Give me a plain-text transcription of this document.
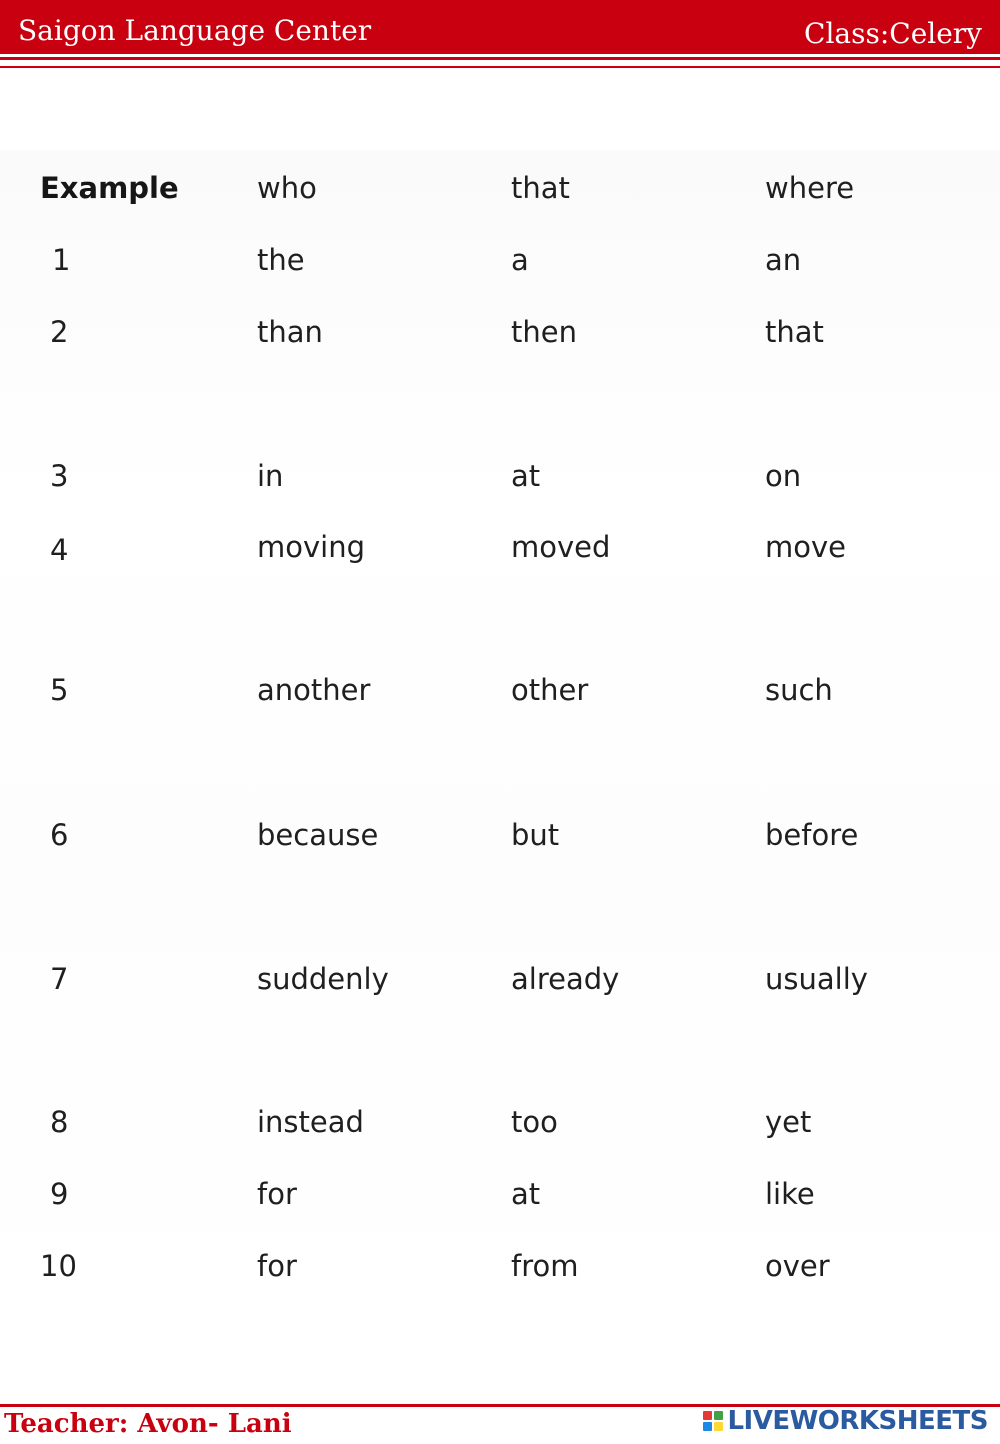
Saigon Language Center	Class:Celery
Example	who	that	where
1	the	a	an
2	than	then	that
3	in	at	on
4	moving	moved	move
5	another	other	such
6	because	but	before
7	suddenly	already	usually
8	instead	too	yet
9	for	at	like
10	for	from	over
Teacher: Avon- Lani	LIVEWORKSHEETS
